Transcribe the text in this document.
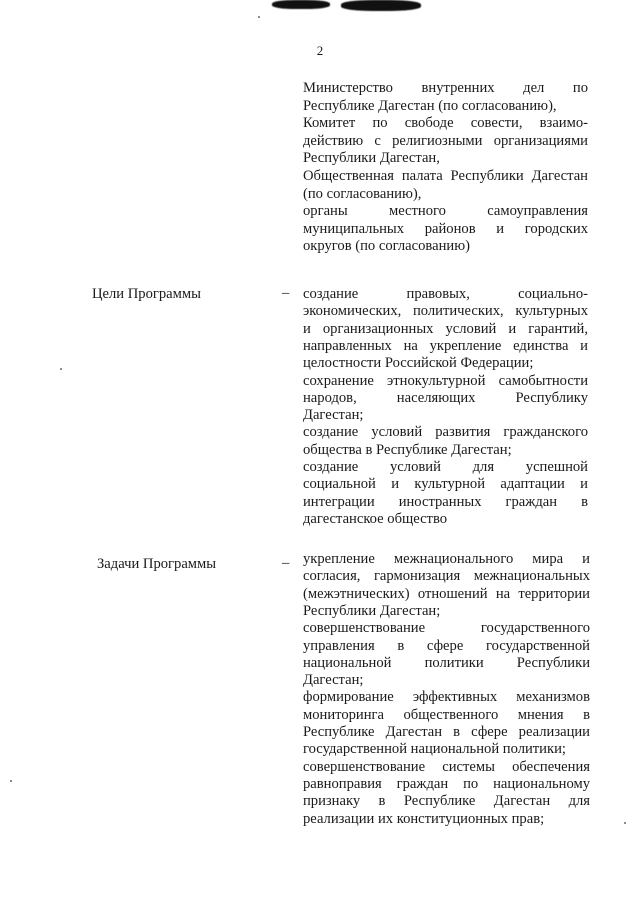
2
Министерство внутренних дел по
Республике Дагестан (по согласованию),
Комитет по свободе совести, взаимо-
действию с религиозными организациями
Республики Дагестан,
Общественная палата Республики Дагестан
(по согласованию),
органы местного самоуправления
муниципальных районов и городских
округов (по согласованию)
Цели Программы	– создание правовых, социально-
экономических, политических, культурных
и организационных условий и гарантий,
направленных на укрепление единства и
целостности Российской Федерации;
сохранение этнокультурной самобытности
народов, населяющих Республику
Дагестан;
создание условий развития гражданского
общества в Республике Дагестан;
создание условий для успешной
социальной и культурной адаптации и
интеграции иностранных граждан в
дагестанское общество
Задачи Программы	– укрепление межнационального мира и
согласия, гармонизация межнациональных
(межэтнических) отношений на территории
Республики Дагестан;
совершенствование государственного
управления в сфере государственной
национальной политики Республики
Дагестан;
формирование эффективных механизмов
мониторинга общественного мнения в
Республике Дагестан в сфере реализации
государственной национальной политики;
совершенствование системы обеспечения
равноправия граждан по национальному
признаку в Республике Дагестан для
реализации их конституционных прав;
